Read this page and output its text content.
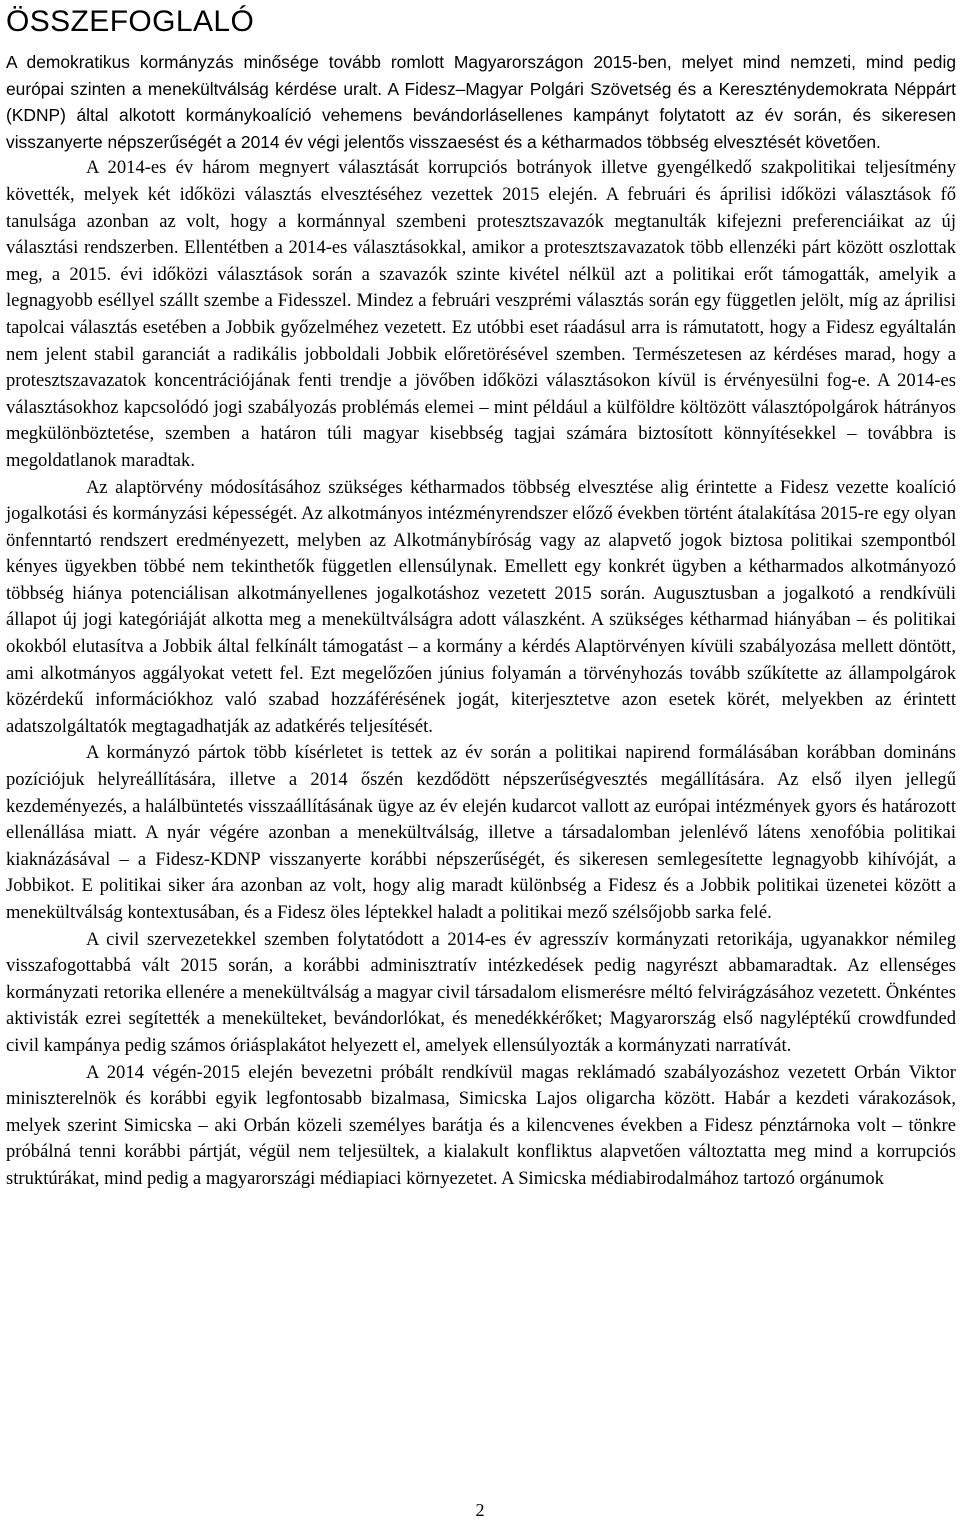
ÖSSZEFOGLALÓ

A demokratikus kormányzás minősége tovább romlott Magyarországon 2015-ben, melyet mind nemzeti, mind pedig európai szinten a menekültválság kérdése uralt. A Fidesz–Magyar Polgári Szövetség és a Kereszténydemokrata Néppárt (KDNP) által alkotott kormánykoalíció vehemens bevándorlásellenes kampányt folytatott az év során, és sikeresen visszanyerte népszerűségét a 2014 év végi jelentős visszaesést és a kétharmados többség elvesztését követően.

A 2014-es év három megnyert választását korrupciós botrányok illetve gyengélkedő szakpolitikai teljesítmény követték, melyek két időközi választás elvesztéséhez vezettek 2015 elején. A februári és áprilisi időközi választások fő tanulsága azonban az volt, hogy a kormánnyal szembeni protesztszavazók megtanulták kifejezni preferenciáikat az új választási rendszerben. Ellentétben a 2014-es választásokkal, amikor a protesztszavazatok több ellenzéki párt között oszlottak meg, a 2015. évi időközi választások során a szavazók szinte kivétel nélkül azt a politikai erőt támogatták, amelyik a legnagyobb eséllyel szállt szembe a Fidesszel. Mindez a februári veszprémi választás során egy független jelölt, míg az áprilisi tapolcai választás esetében a Jobbik győzelméhez vezetett. Ez utóbbi eset ráadásul arra is rámutatott, hogy a Fidesz egyáltalán nem jelent stabil garanciát a radikális jobboldali Jobbik előretörésével szemben. Természetesen az kérdéses marad, hogy a protesztszavazatok koncentrációjának fenti trendje a jövőben időközi választásokon kívül is érvényesülni fog-e. A 2014-es választásokhoz kapcsolódó jogi szabályozás problémás elemei – mint például a külföldre költözött választópolgárok hátrányos megkülönböztetése, szemben a határon túli magyar kisebbség tagjai számára biztosított könnyítésekkel – továbbra is megoldatlanok maradtak.

Az alaptörvény módosításához szükséges kétharmados többség elvesztése alig érintette a Fidesz vezette koalíció jogalkotási és kormányzási képességét. Az alkotmányos intézményrendszer előző években történt átalakítása 2015-re egy olyan önfenntartó rendszert eredményezett, melyben az Alkotmánybíróság vagy az alapvető jogok biztosa politikai szempontból kényes ügyekben többé nem tekinthetők független ellensúlynak. Emellett egy konkrét ügyben a kétharmados alkotmányozó többség hiánya potenciálisan alkotmányellenes jogalkotáshoz vezetett 2015 során. Augusztusban a jogalkotó a rendkívüli állapot új jogi kategóriáját alkotta meg a menekültválságra adott válaszként. A szükséges kétharmad hiányában – és politikai okokból elutasítva a Jobbik által felkínált támogatást – a kormány a kérdés Alaptörvényen kívüli szabályozása mellett döntött, ami alkotmányos aggályokat vetett fel. Ezt megelőzően június folyamán a törvényhozás tovább szűkítette az állampolgárok közérdekű információkhoz való szabad hozzáférésének jogát, kiterjesztetve azon esetek körét, melyekben az érintett adatszolgáltatók megtagadhatják az adatkérés teljesítését.

A kormányzó pártok több kísérletet is tettek az év során a politikai napirend formálásában korábban domináns pozíciójuk helyreállítására, illetve a 2014 őszén kezdődött népszerűségvesztés megállítására. Az első ilyen jellegű kezdeményezés, a halálbüntetés visszaállításának ügye az év elején kudarcot vallott az európai intézmények gyors és határozott ellenállása miatt. A nyár végére azonban a menekültválság, illetve a társadalomban jelenlévő látens xenofóbia politikai kiaknázásával – a Fidesz-KDNP visszanyerte korábbi népszerűségét, és sikeresen semlegesítette legnagyobb kihívóját, a Jobbikot. E politikai siker ára azonban az volt, hogy alig maradt különbség a Fidesz és a Jobbik politikai üzenetei között a menekültválság kontextusában, és a Fidesz öles léptekkel haladt a politikai mező szélsőjobb sarka felé.

A civil szervezetekkel szemben folytatódott a 2014-es év agresszív kormányzati retorikája, ugyanakkor némileg visszafogottabbá vált 2015 során, a korábbi adminisztratív intézkedések pedig nagyrészt abbamaradtak. Az ellenséges kormányzati retorika ellenére a menekültválság a magyar civil társadalom elismerésre méltó felvirágzásához vezetett. Önkéntes aktivisták ezrei segítették a menekülteket, bevándorlókat, és menedékkérőket; Magyarország első nagyléptékű crowdfunded civil kampánya pedig számos óriásplakátot helyezett el, amelyek ellensúlyozták a kormányzati narratívát.

A 2014 végén-2015 elején bevezetni próbált rendkívül magas reklámadó szabályozáshoz vezetett Orbán Viktor miniszterelnök és korábbi egyik legfontosabb bizalmasa, Simicska Lajos oligarcha között. Habár a kezdeti várakozások, melyek szerint Simicska – aki Orbán közeli személyes barátja és a kilencvenes években a Fidesz pénztárnoka volt – tönkre próbálná tenni korábbi pártját, végül nem teljesültek, a kialakult konfliktus alapvetően változtatta meg mind a korrupciós struktúrákat, mind pedig a magyarországi médiapiaci környezetet. A Simicska médiabirodalmához tartozó orgánumok

2
